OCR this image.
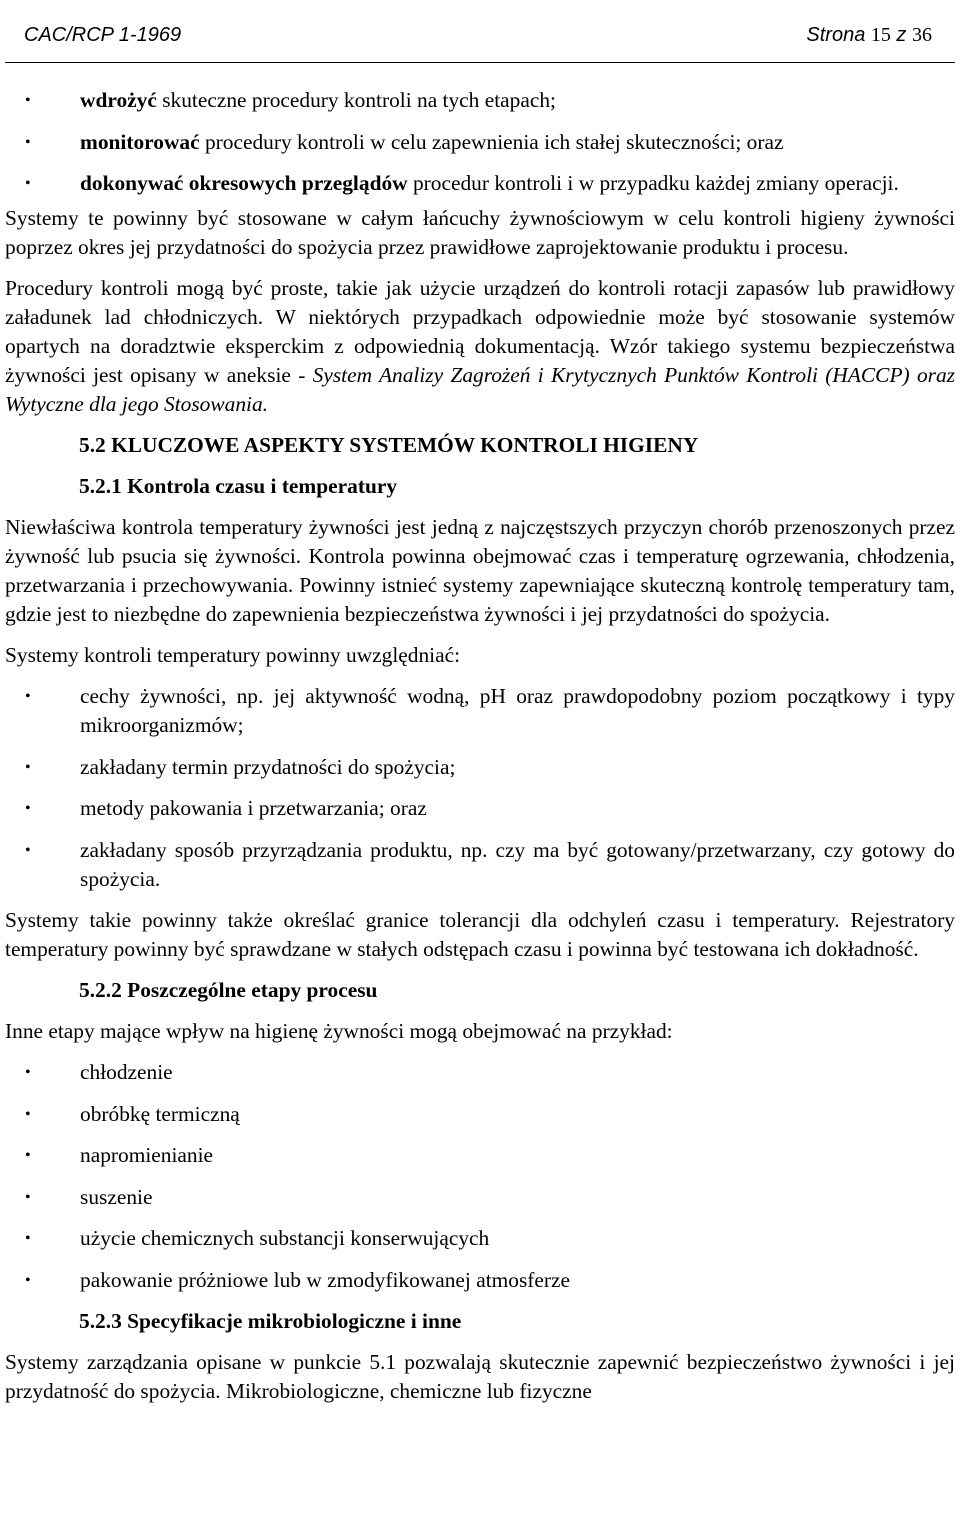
CAC/RCP 1-1969	Strona 15 z 36
• wdrożyć skuteczne procedury kontroli na tych etapach;
• monitorować procedury kontroli w celu zapewnienia ich stałej skuteczności; oraz
• dokonywać okresowych przeglądów procedur kontroli i w przypadku każdej zmiany operacji.

Systemy te powinny być stosowane w całym łańcuchy żywnościowym w celu kontroli higieny żywności poprzez okres jej przydatności do spożycia przez prawidłowe zaprojektowanie produktu i procesu.

Procedury kontroli mogą być proste, takie jak użycie urządzeń do kontroli rotacji zapasów lub prawidłowy załadunek lad chłodniczych. W niektórych przypadkach odpowiednie może być stosowanie systemów opartych na doradztwie eksperckim z odpowiednią dokumentacją. Wzór takiego systemu bezpieczeństwa żywności jest opisany w aneksie - System Analizy Zagrożeń i Krytycznych Punktów Kontroli (HACCP) oraz Wytyczne dla jego Stosowania.

5.2 KLUCZOWE ASPEKTY SYSTEMÓW KONTROLI HIGIENY
5.2.1 Kontrola czasu i temperatury

Niewłaściwa kontrola temperatury żywności jest jedną z najczęstszych przyczyn chorób przenoszonych przez żywność lub psucia się żywności. Kontrola powinna obejmować czas i temperaturę ogrzewania, chłodzenia, przetwarzania i przechowywania. Powinny istnieć systemy zapewniające skuteczną kontrolę temperatury tam, gdzie jest to niezbędne do zapewnienia bezpieczeństwa żywności i jej przydatności do spożycia.

Systemy kontroli temperatury powinny uwzględniać:

• cechy żywności, np. jej aktywność wodną, pH oraz prawdopodobny poziom początkowy i typy mikroorganizmów;
• zakładany termin przydatności do spożycia;
• metody pakowania i przetwarzania; oraz
• zakładany sposób przyrządzania produktu, np. czy ma być gotowany/przetwarzany, czy gotowy do spożycia.

Systemy takie powinny także określać granice tolerancji dla odchyleń czasu i temperatury. Rejestratory temperatury powinny być sprawdzane w stałych odstępach czasu i powinna być testowana ich dokładność.

5.2.2 Poszczególne etapy procesu

Inne etapy mające wpływ na higienę żywności mogą obejmować na przykład:

• chłodzenie
• obróbkę termiczną
• napromienianie
• suszenie
• użycie chemicznych substancji konserwujących
• pakowanie próżniowe lub w zmodyfikowanej atmosferze
5.2.3 Specyfikacje mikrobiologiczne i inne

Systemy zarządzania opisane w punkcie 5.1 pozwalają skutecznie zapewnić bezpieczeństwo żywności i jej przydatność do spożycia. Mikrobiologiczne, chemiczne lub fizyczne
